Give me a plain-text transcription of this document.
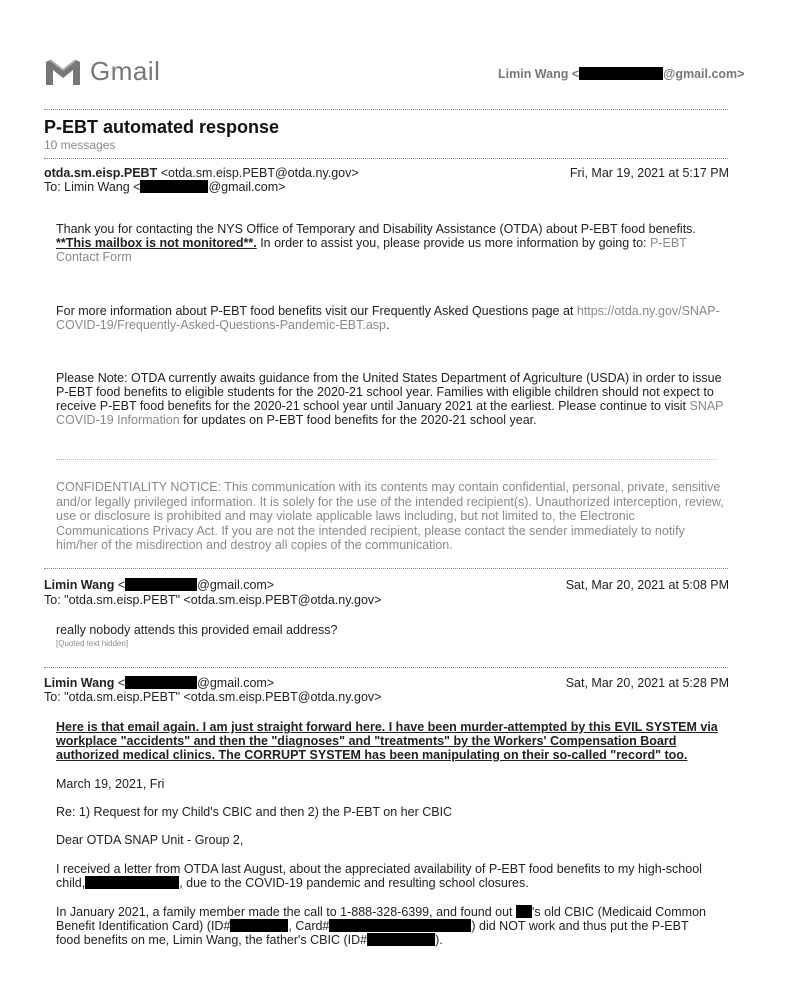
Gmail	Limin Wang <	@gmail.com>
P-EBT automated response
10 messages
otda.sm.eisp.PEBT <otda.sm.eisp.PEBT@otda.ny.gov>	Fri, Mar 19, 2021 at 5:17 PM
To: Limin Wang <	@gmail.com>
Thank you for contacting the NYS Office of Temporary and Disability Assistance (OTDA) about P-EBT food benefits.
**This mailbox is not monitored**. In order to assist you, please provide us more information by going to: P-EBT
Contact Form
For more information about P-EBT food benefits visit our Frequently Asked Questions page at https://otda.ny.gov/SNAP-
COVID-19/Frequently-Asked-Questions-Pandemic-EBT.asp.
Please Note: OTDA currently awaits guidance from the United States Department of Agriculture (USDA) in order to issue
P-EBT food benefits to eligible students for the 2020-21 school year. Families with eligible children should not expect to
receive P-EBT food benefits for the 2020-21 school year until January 2021 at the earliest. Please continue to visit SNAP
COVID-19 Information for updates on P-EBT food benefits for the 2020-21 school year.
CONFIDENTIALITY NOTICE: This communication with its contents may contain confidential, personal, private, sensitive
and/or legally privileged information. It is solely for the use of the intended recipient(s). Unauthorized interception, review,
use or disclosure is prohibited and may violate applicable laws including, but not limited to, the Electronic
Communications Privacy Act. If you are not the intended recipient, please contact the sender immediately to notify
him/her of the misdirection and destroy all copies of the communication.
Limin Wang <	@gmail.com>	Sat, Mar 20, 2021 at 5:08 PM
To: "otda.sm.eisp.PEBT" <otda.sm.eisp.PEBT@otda.ny.gov>
really nobody attends this provided email address?
[Quoted text hidden]
Limin Wang <	@gmail.com>	Sat, Mar 20, 2021 at 5:28 PM
To: "otda.sm.eisp.PEBT" <otda.sm.eisp.PEBT@otda.ny.gov>
Here is that email again. I am just straight forward here. I have been murder-attempted by this EVIL SYSTEM via
workplace "accidents" and then the "diagnoses" and "treatments" by the Workers' Compensation Board
authorized medical clinics. The CORRUPT SYSTEM has been manipulating on their so-called "record" too.
March 19, 2021, Fri
Re: 1) Request for my Child's CBIC and then 2) the P-EBT on her CBIC
Dear OTDA SNAP Unit - Group 2,
I received a letter from OTDA last August, about the appreciated availability of P-EBT food benefits to my high-school
child,	, due to the COVID-19 pandemic and resulting school closures.
In January 2021, a family member made the call to 1-888-328-6399, and found out 's old CBIC (Medicaid Common
Benefit Identification Card) (ID#	, Card#	) did NOT work and thus put the P-EBT
food benefits on me, Limin Wang, the father's CBIC (ID#	).
